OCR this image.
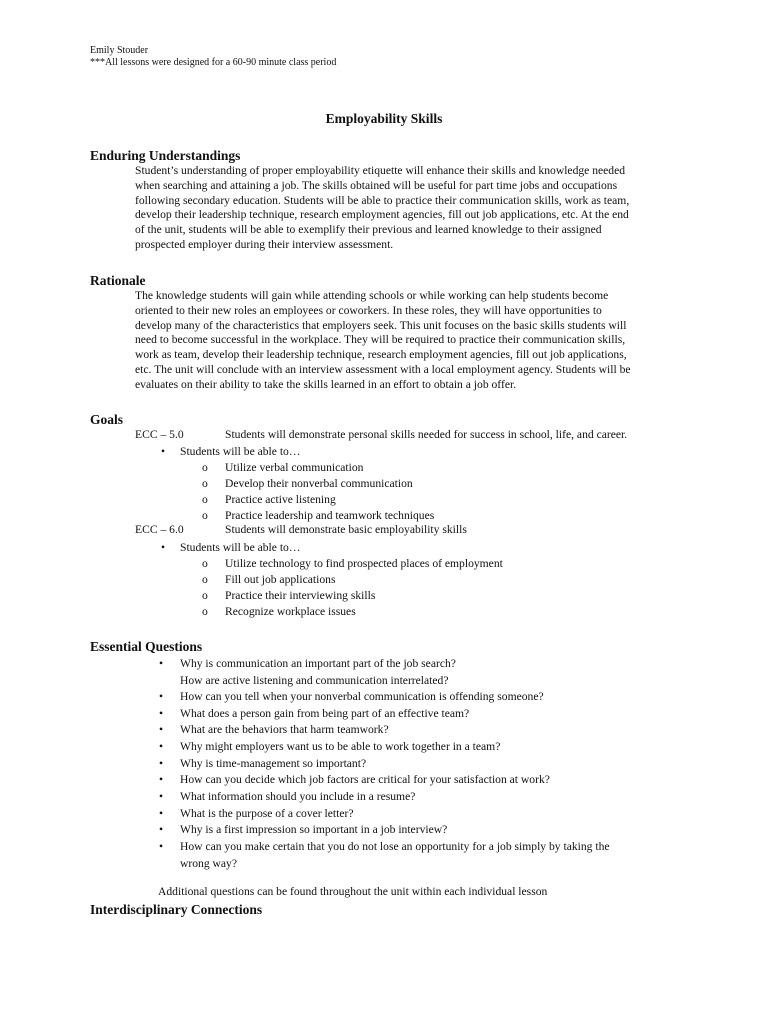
Emily Stouder
***All lessons were designed for a 60-90 minute class period
Employability Skills
Enduring Understandings
Student’s understanding of proper employability etiquette will enhance their skills and knowledge needed
when searching and attaining a job. The skills obtained will be useful for part time jobs and occupations
following secondary education. Students will be able to practice their communication skills, work as team,
develop their leadership technique, research employment agencies, fill out job applications, etc. At the end
of the unit, students will be able to exemplify their previous and learned knowledge to their assigned
prospected employer during their interview assessment.
Rationale
The knowledge students will gain while attending schools or while working can help students become
oriented to their new roles an employees or coworkers. In these roles, they will have opportunities to
develop many of the characteristics that employers seek. This unit focuses on the basic skills students will
need to become successful in the workplace. They will be required to practice their communication skills,
work as team, develop their leadership technique, research employment agencies, fill out job applications,
etc. The unit will conclude with an interview assessment with a local employment agency. Students will be
evaluates on their ability to take the skills learned in an effort to obtain a job offer.
Goals
ECC – 5.0	Students will demonstrate personal skills needed for success in school, life, and career.
• Students will be able to…
o Utilize verbal communication
o Develop their nonverbal communication
o Practice active listening
o Practice leadership and teamwork techniques
ECC – 6.0	Students will demonstrate basic employability skills
• Students will be able to…
o Utilize technology to find prospected places of employment
o Fill out job applications
o Practice their interviewing skills
o Recognize workplace issues
Essential Questions
• Why is communication an important part of the job search?
How are active listening and communication interrelated?
• How can you tell when your nonverbal communication is offending someone?
• What does a person gain from being part of an effective team?
• What are the behaviors that harm teamwork?
• Why might employers want us to be able to work together in a team?
• Why is time-management so important?
• How can you decide which job factors are critical for your satisfaction at work?
• What information should you include in a resume?
• What is the purpose of a cover letter?
• Why is a first impression so important in a job interview?
• How can you make certain that you do not lose an opportunity for a job simply by taking the
wrong way?
Additional questions can be found throughout the unit within each individual lesson
Interdisciplinary Connections
